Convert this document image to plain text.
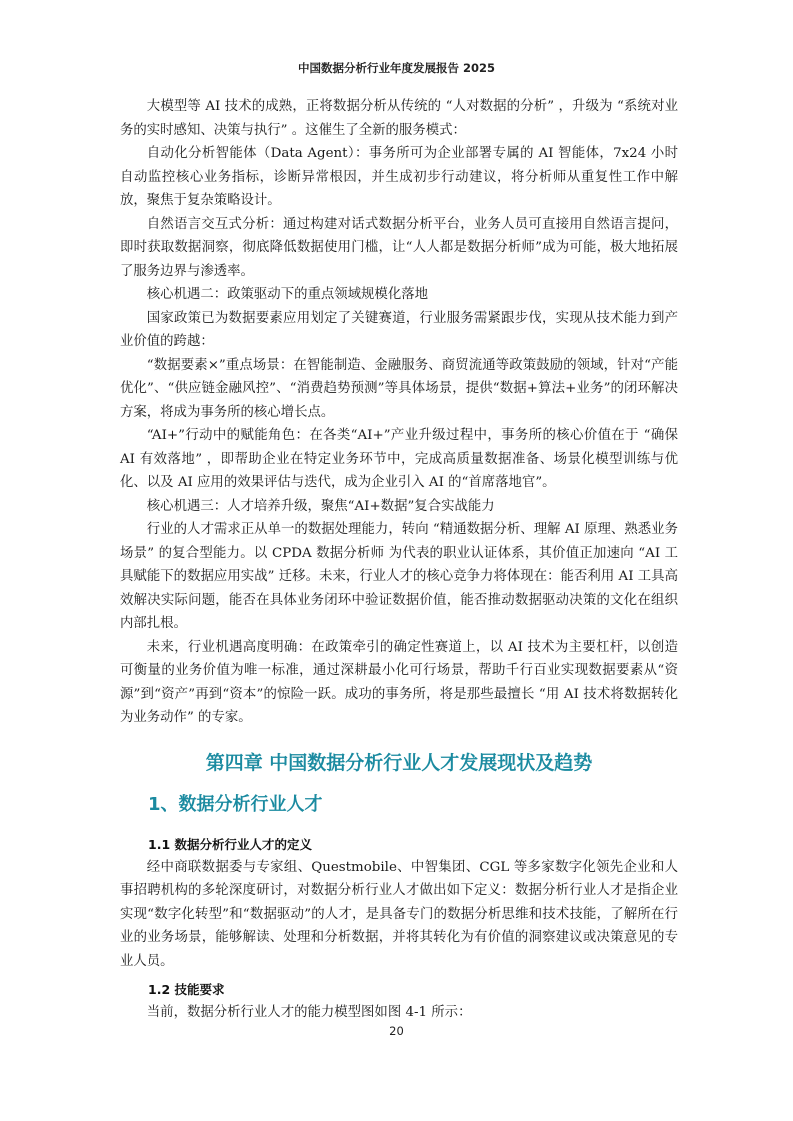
中国数据分析行业年度发展报告 2025

大模型等 AI 技术的成熟，正将数据分析从传统的 “人对数据的分析” ，升级为 “系统对业务的实时感知、决策与执行” 。这催生了全新的服务模式：

自动化分析智能体（Data Agent）：事务所可为企业部署专属的 AI 智能体，7x24 小时自动监控核心业务指标，诊断异常根因，并生成初步行动建议，将分析师从重复性工作中解放，聚焦于复杂策略设计。

自然语言交互式分析：通过构建对话式数据分析平台，业务人员可直接用自然语言提问，即时获取数据洞察，彻底降低数据使用门槛，让“人人都是数据分析师”成为可能，极大地拓展了服务边界与渗透率。

核心机遇二：政策驱动下的重点领域规模化落地

国家政策已为数据要素应用划定了关键赛道，行业服务需紧跟步伐，实现从技术能力到产业价值的跨越：

“数据要素×”重点场景：在智能制造、金融服务、商贸流通等政策鼓励的领域，针对“产能优化”、“供应链金融风控”、“消费趋势预测”等具体场景，提供“数据+算法+业务”的闭环解决方案，将成为事务所的核心增长点。

“AI+”行动中的赋能角色：在各类“AI+”产业升级过程中，事务所的核心价值在于 “确保 AI 有效落地” ，即帮助企业在特定业务环节中，完成高质量数据准备、场景化模型训练与优化、以及 AI 应用的效果评估与迭代，成为企业引入 AI 的“首席落地官”。

核心机遇三：人才培养升级，聚焦“AI+数据”复合实战能力

行业的人才需求正从单一的数据处理能力，转向 “精通数据分析、理解 AI 原理、熟悉业务场景” 的复合型能力。以 CPDA 数据分析师 为代表的职业认证体系，其价值正加速向 “AI 工具赋能下的数据应用实战” 迁移。未来，行业人才的核心竞争力将体现在：能否利用 AI 工具高效解决实际问题，能否在具体业务闭环中验证数据价值，能否推动数据驱动决策的文化在组织内部扎根。

未来，行业机遇高度明确：在政策牵引的确定性赛道上，以 AI 技术为主要杠杆，以创造可衡量的业务价值为唯一标准，通过深耕最小化可行场景，帮助千行百业实现数据要素从“资源”到“资产”再到“资本”的惊险一跃。成功的事务所，将是那些最擅长 “用 AI 技术将数据转化为业务动作” 的专家。

第四章 中国数据分析行业人才发展现状及趋势
1、数据分析行业人才
1.1 数据分析行业人才的定义

经中商联数据委与专家组、Questmobile、中智集团、CGL 等多家数字化领先企业和人事招聘机构的多轮深度研讨，对数据分析行业人才做出如下定义：数据分析行业人才是指企业实现“数字化转型”和“数据驱动”的人才，是具备专门的数据分析思维和技术技能，了解所在行业的业务场景，能够解读、处理和分析数据，并将其转化为有价值的洞察建议或决策意见的专业人员。

1.2 技能要求

当前，数据分析行业人才的能力模型图如图 4-1 所示：

20
